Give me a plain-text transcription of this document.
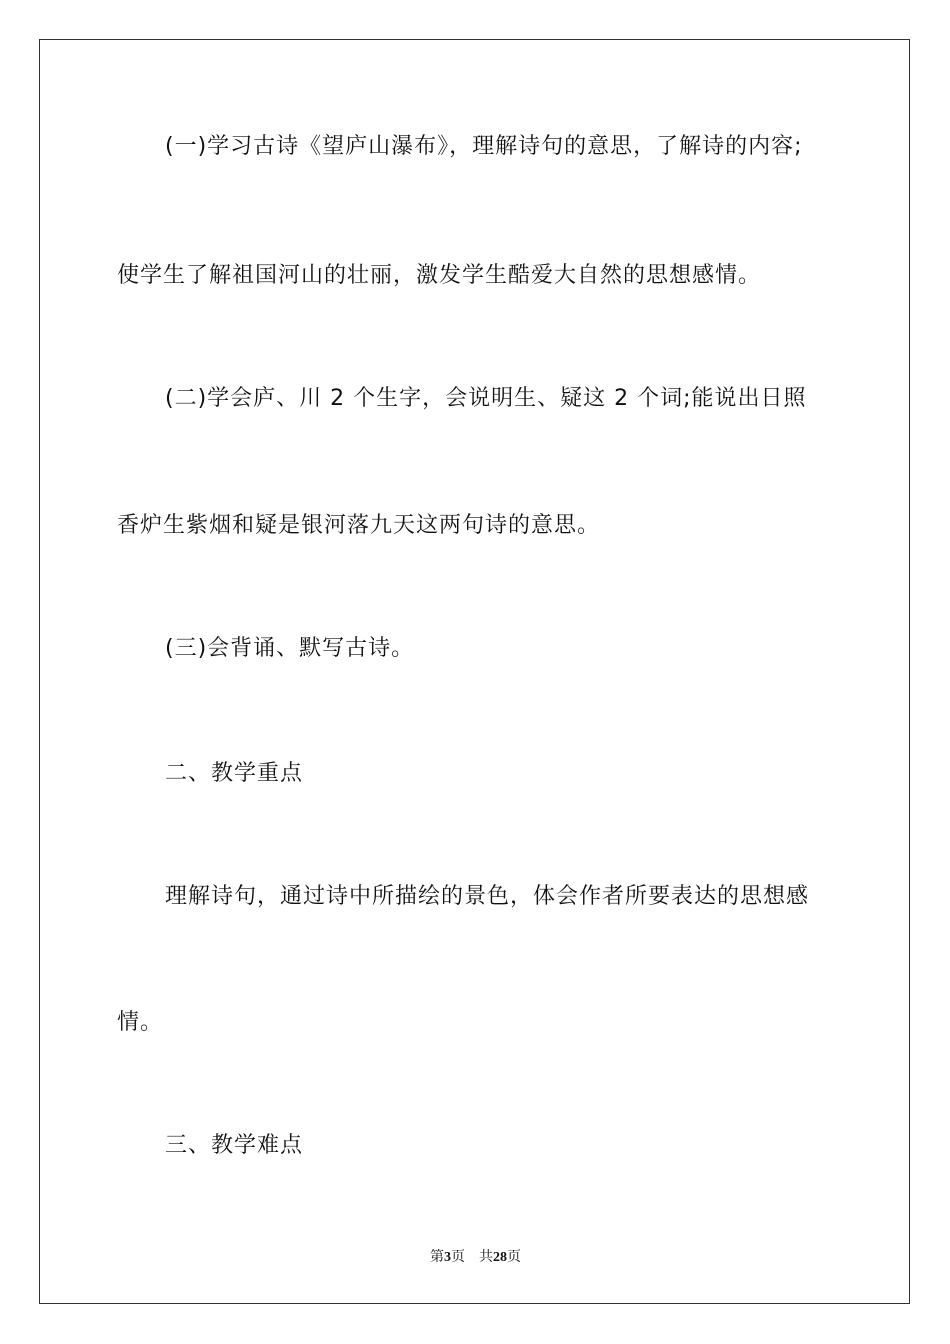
(一)学习古诗《望庐山瀑布》，理解诗句的意思，了解诗的内容;
使学生了解祖国河山的壮丽，激发学生酷爱大自然的思想感情。
(二)学会庐、川 2 个生字，会说明生、疑这 2 个词;能说出日照
香炉生紫烟和疑是银河落九天这两句诗的意思。
(三)会背诵、默写古诗。
二、教学重点
理解诗句，通过诗中所描绘的景色，体会作者所要表达的思想感
情。
三、教学难点
第3页 共28页
